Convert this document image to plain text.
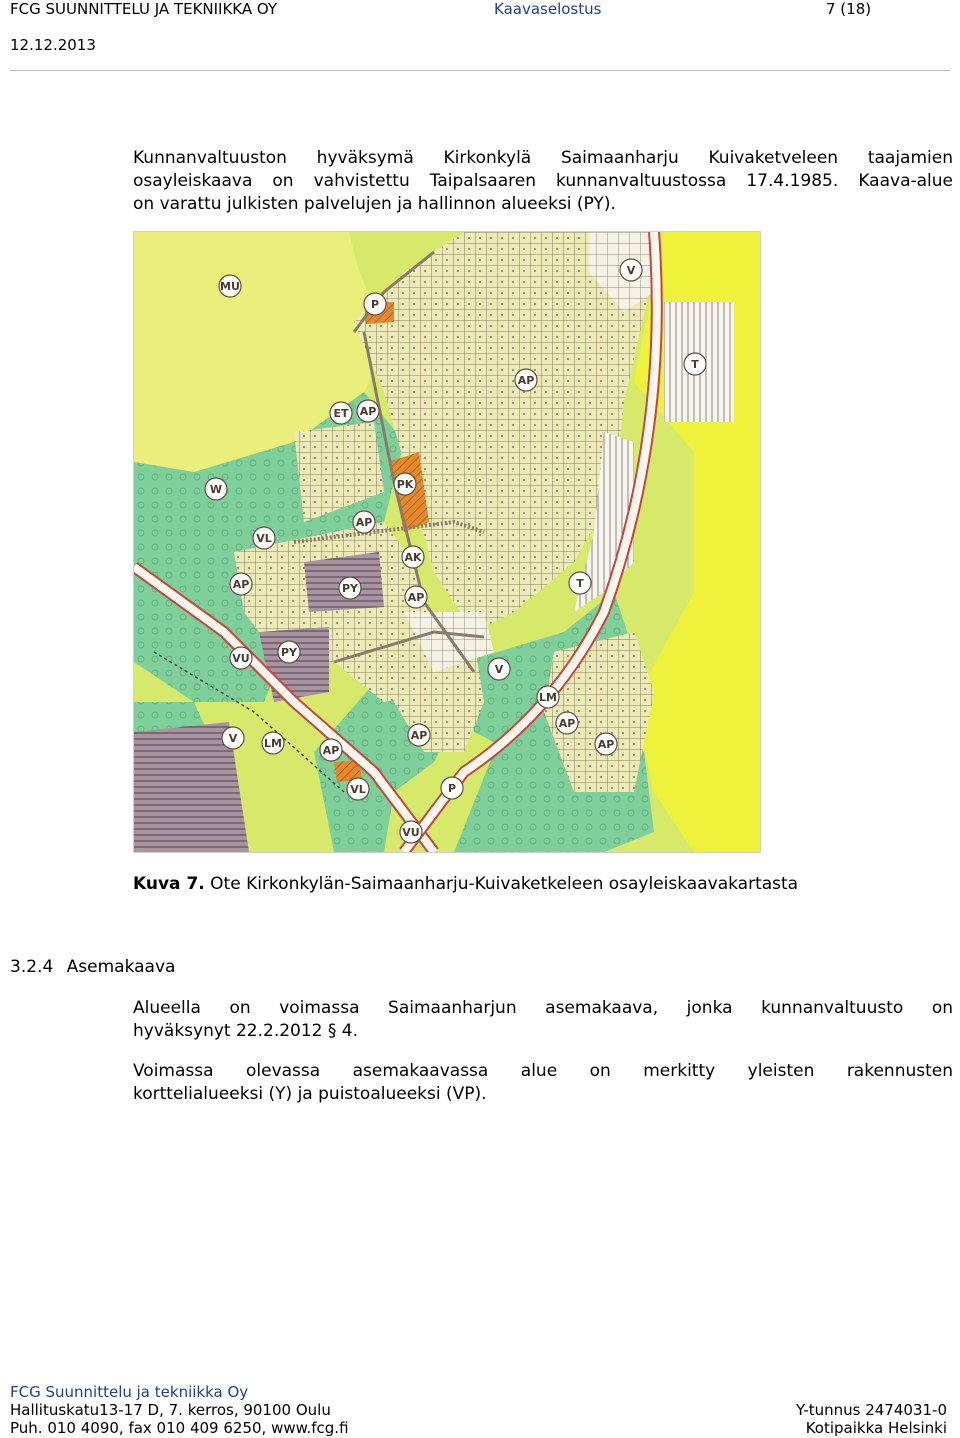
FCG SUUNNITTELU JA TEKNIIKKA OY	Kaavaselostus	7 (18)
12.12.2013
Kunnanvaltuuston hyväksymä Kirkonkylä Saimaanharju Kuivaketveleen taajamien
osayleiskaava on vahvistettu Taipalsaaren kunnanvaltuustossa 17.4.1985. Kaava-alue
on varattu julkisten palvelujen ja hallinnon alueeksi (PY).
MU
P
V
T
AP
ET AP
PK
W
AP
VL
AK
AP
PY
AP	T
PY
VU
V
LM
AP
V LM
AP
AP
AP
VL	P
VU
Kuva 7. Ote Kirkonkylän-Saimaanharju-Kuivaketkeleen osayleiskaavakartasta
3.2.4 Asemakaava
Alueella on voimassa Saimaanharjun asemakaava, jonka kunnanvaltuusto on
hyväksynyt 22.2.2012 § 4.
Voimassa olevassa asemakaavassa alue on merkitty yleisten rakennusten
korttelialueeksi (Y) ja puistoalueeksi (VP).
FCG Suunnittelu ja tekniikka Oy
Hallituskatu13-17 D, 7. kerros, 90100 Oulu
Puh. 010 4090, fax 010 409 6250, www.fcg.fi
Y-tunnus 2474031-0
Kotipaikka Helsinki
